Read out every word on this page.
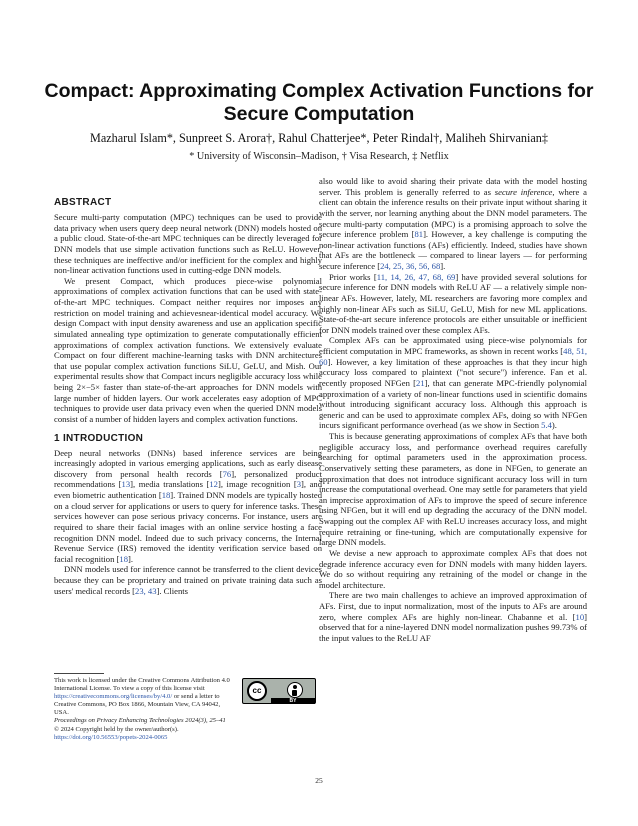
Compact: Approximating Complex Activation Functions for Secure Computation
Mazharul Islam*, Sunpreet S. Arora†, Rahul Chatterjee*, Peter Rindal†, Maliheh Shirvanian‡
* University of Wisconsin–Madison, † Visa Research, ‡ Netflix
ABSTRACT

Secure multi-party computation (MPC) techniques can be used to provide data privacy when users query deep neural network (DNN) models hosted on a public cloud. State-of-the-art MPC techniques can be directly leveraged for DNN models that use simple activation functions such as ReLU. However, these techniques are ineffective and/or inefficient for the complex and highly non-linear activation functions used in cutting-edge DNN models.

We present Compact, which produces piece-wise polynomial approximations of complex activation functions that can be used with state-of-the-art MPC techniques. Compact neither requires nor imposes any restriction on model training and achievesnear-identical model accuracy. We design Compact with input density awareness and use an application specific simulated annealing type optimization to generate computationally efficient approximations of complex activation functions. We extensively evaluate Compact on four different machine-learning tasks with DNN architectures that use popular complex activation functions SiLU, GeLU, and Mish. Our experimental results show that Compact incurs negligible accuracy loss while being 2×−5× faster than state-of-the-art approaches for DNN models with large number of hidden layers. Our work accelerates easy adoption of MPC techniques to provide user data privacy even when the queried DNN models consist of a number of hidden layers and complex activation functions.

1 INTRODUCTION

Deep neural networks (DNNs) based inference services are being increasingly adopted in various emerging applications, such as early disease discovery from personal health records [76], personalized product recommendations [13], media translations [12], image recognition [3], and even biometric authentication [18]. Trained DNN models are typically hosted on a cloud server for applications or users to query for inference tasks. These services however can pose serious privacy concerns. For instance, users are required to share their facial images with an online service hosting a face recognition DNN model. Indeed due to such privacy concerns, the Internal Revenue Service (IRS) removed the identity verification service based on facial recognition [18].

DNN models used for inference cannot be transferred to the client devices because they can be proprietary and trained on private training data such as users' medical records [23, 43]. Clients

also would like to avoid sharing their private data with the model hosting server. This problem is generally referred to as secure inference, where a client can obtain the inference results on their private input without sharing it with the server, nor learning anything about the DNN model parameters. The secure multi-party computation (MPC) is a promising approach to solve the secure inference problem [81]. However, a key challenge is computing the non-linear activation functions (AFs) efficiently. Indeed, studies have shown that AFs are the bottleneck — compared to linear layers — for performing secure inference [24, 25, 36, 56, 68].

Prior works [11, 14, 26, 47, 68, 69] have provided several solutions for secure inference for DNN models with ReLU AF — a relatively simple non-linear AFs. However, lately, ML researchers are favoring more complex and highly non-linear AFs such as SiLU, GeLU, Mish for new ML applications. State-of-the-art secure inference protocols are either unsuitable or inefficient for DNN models trained over these complex AFs.

Complex AFs can be approximated using piece-wise polynomials for efficient computation in MPC frameworks, as shown in recent works [48, 51, 60]. However, a key limitation of these approaches is that they incur high accuracy loss compared to plaintext ("not secure") inference. Fan et al. recently proposed NFGen [21], that can generate MPC-friendly polynomial approximation of a variety of non-linear functions used in scientific domains without introducing significant accuracy loss. Although this approach is generic and can be used to approximate complex AFs, doing so with NFGen incurs significant performance overhead (as we show in Section 5.4).

This is because generating approximations of complex AFs that have both negligible accuracy loss, and performance overhead requires carefully searching for optimal parameters used in the approximation process. Conservatively setting these parameters, as done in NFGen, to generate an approximation that does not introduce significant accuracy loss will in turn increase the computational overhead. One may settle for parameters that yield an imprecise approximation of AFs to improve the speed of secure inference using NFGen, but it will end up degrading the accuracy of the DNN model. Swapping out the complex AF with ReLU increases accuracy loss, and might require retraining or fine-tuning, which are computationally expensive for large DNN models.

We devise a new approach to approximate complex AFs that does not degrade inference accuracy even for DNN models with many hidden layers. We do so without requiring any retraining of the model or change in the model architecture.

There are two main challenges to achieve an improved approximation of AFs. First, due to input normalization, most of the inputs to AFs are around zero, where complex AFs are highly non-linear. Chabanne et al. [10] observed that for a nine-layered DNN model normalization pushes 99.73% of the input values to the ReLU AF

This work is licensed under the Creative Commons Attribution 4.0 International License. To view a copy of this license visit https://creativecommons.org/licenses/by/4.0/ or send a letter to Creative Commons, PO Box 1866, Mountain View, CA 94042, USA.
Proceedings on Privacy Enhancing Technologies 2024(3), 25–41
© 2024 Copyright held by the owner/author(s).
https://doi.org/10.56553/popets-2024-0065
cc
BY
25
